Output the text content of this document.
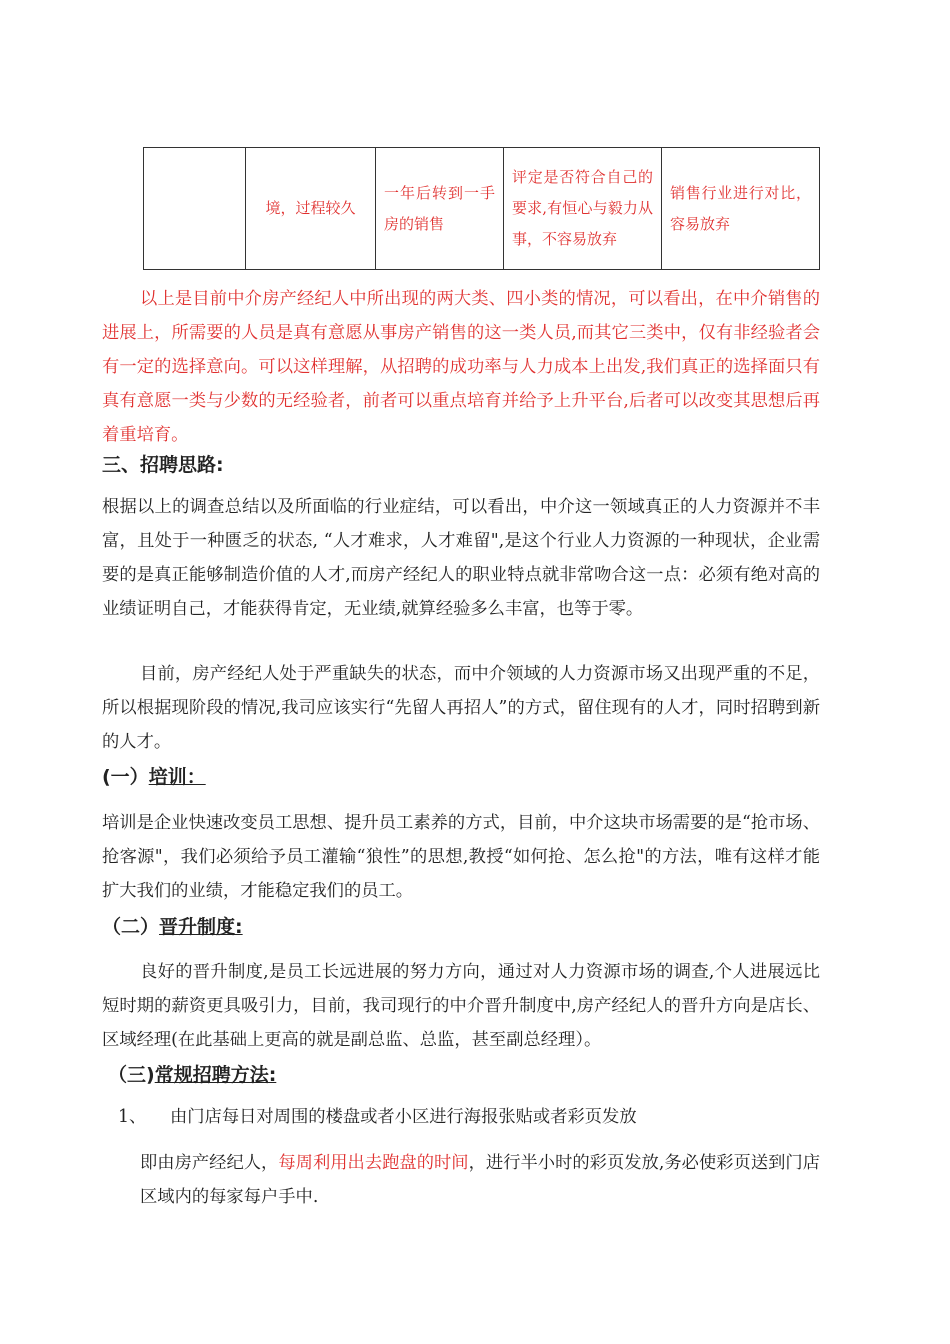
	境，过程较久	一年后转到一手房的销售	评定是否符合自己的要求,有恒心与毅力从事，不容易放弃	销售行业进行对比，容易放弃

以上是目前中介房产经纪人中所出现的两大类、四小类的情况，可以看出，在中介销售的进展上，所需要的人员是真有意愿从事房产销售的这一类人员,而其它三类中，仅有非经验者会有一定的选择意向。可以这样理解，从招聘的成功率与人力成本上出发,我们真正的选择面只有真有意愿一类与少数的无经验者，前者可以重点培育并给予上升平台,后者可以改变其思想后再着重培育。

三、招聘思路:

根据以上的调查总结以及所面临的行业症结，可以看出，中介这一领域真正的人力资源并不丰富，且处于一种匮乏的状态, “人才难求，人才难留",是这个行业人力资源的一种现状，企业需要的是真正能够制造价值的人才,而房产经纪人的职业特点就非常吻合这一点：必须有绝对高的业绩证明自己，才能获得肯定，无业绩,就算经验多么丰富，也等于零。

目前，房产经纪人处于严重缺失的状态，而中介领域的人力资源市场又出现严重的不足，所以根据现阶段的情况,我司应该实行“先留人再招人”的方式，留住现有的人才，同时招聘到新的人才。

(一）培训：

培训是企业快速改变员工思想、提升员工素养的方式，目前，中介这块市场需要的是“抢市场、抢客源"，我们必须给予员工灌输“狼性”的思想,教授“如何抢、怎么抢"的方法，唯有这样才能扩大我们的业绩，才能稳定我们的员工。

（二）晋升制度:

良好的晋升制度,是员工长远进展的努力方向，通过对人力资源市场的调查,个人进展远比短时期的薪资更具吸引力，目前，我司现行的中介晋升制度中,房产经纪人的晋升方向是店长、区域经理(在此基础上更高的就是副总监、总监，甚至副总经理）。

（三)常规招聘方法:

1、 由门店每日对周围的楼盘或者小区进行海报张贴或者彩页发放

即由房产经纪人，每周利用出去跑盘的时间，进行半小时的彩页发放,务必使彩页送到门店区域内的每家每户手中.
